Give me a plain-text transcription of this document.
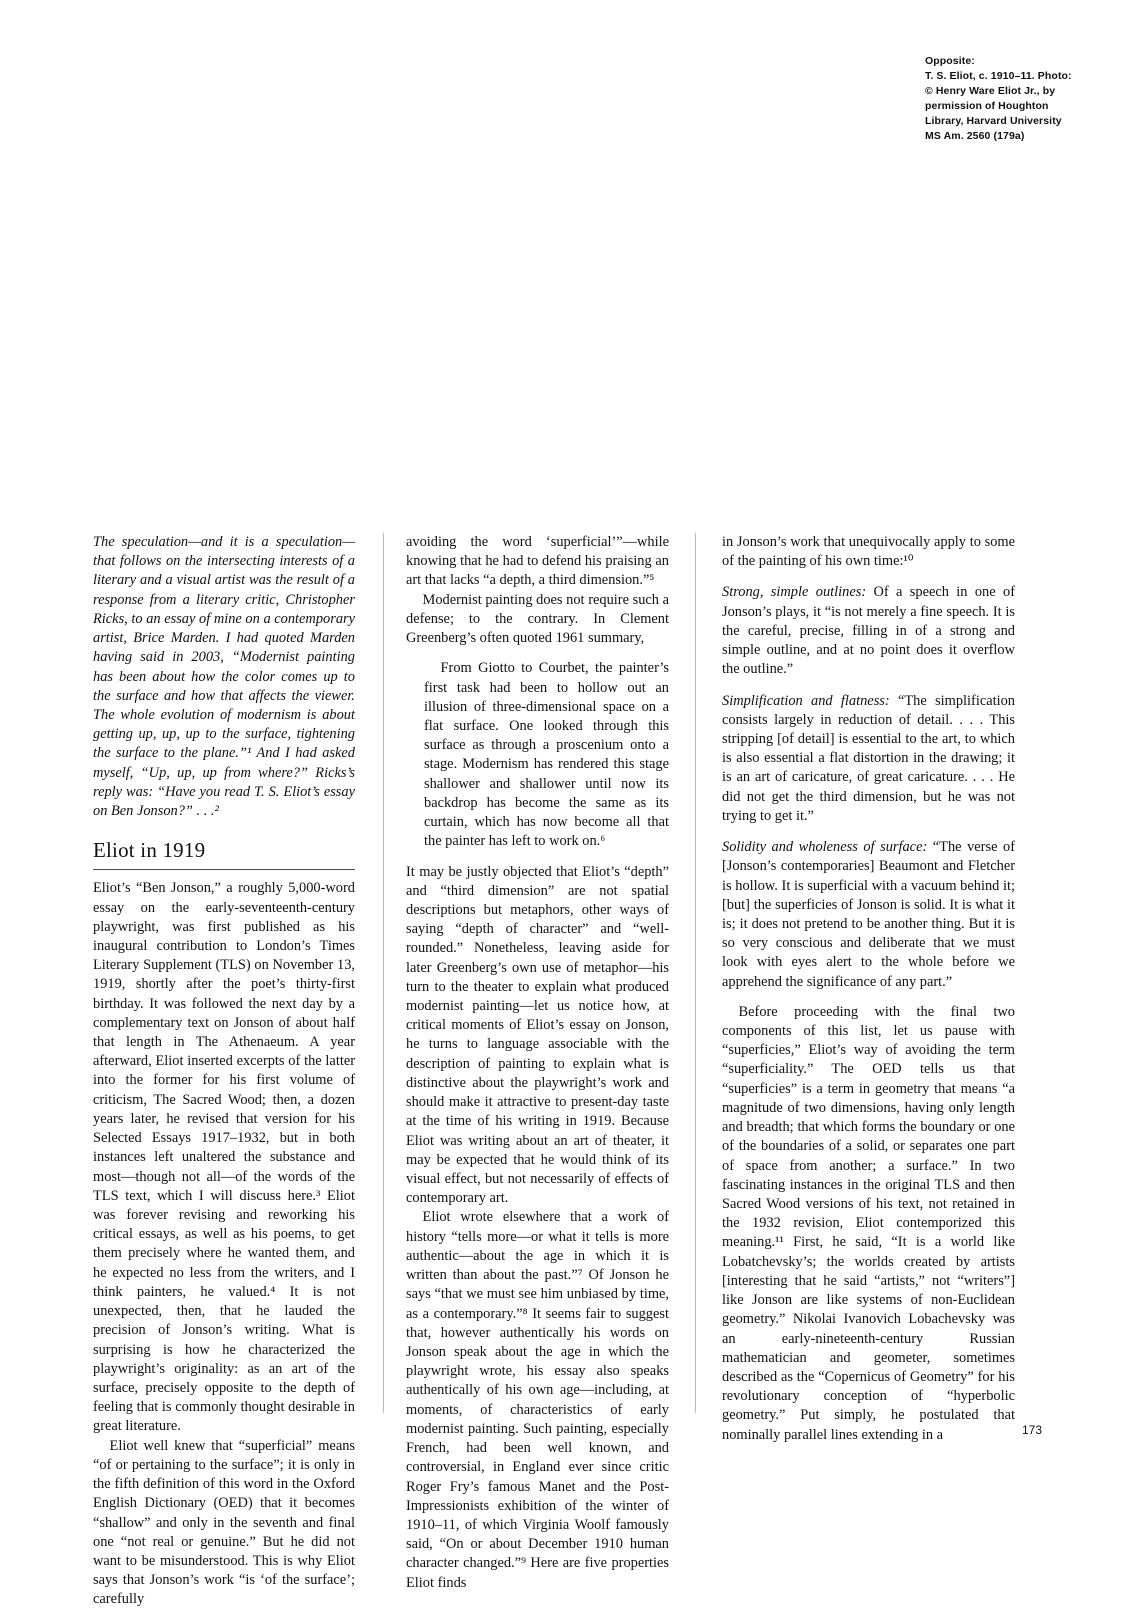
Opposite:
T. S. Eliot, c. 1910–11. Photo:
© Henry Ware Eliot Jr., by
permission of Houghton
Library, Harvard University
MS Am. 2560 (179a)

The speculation—and it is a speculation—that follows on the intersecting interests of a literary and a visual artist was the result of a response from a literary critic, Christopher Ricks, to an essay of mine on a contemporary artist, Brice Marden. I had quoted Marden having said in 2003, “Modernist painting has been about how the color comes up to the surface and how that affects the viewer. The whole evolution of modernism is about getting up, up, up to the surface, tightening the surface to the plane.”¹ And I had asked myself, “Up, up, up from where?” Ricks’s reply was: “Have you read T. S. Eliot’s essay on Ben Jonson?” . . .²

Eliot in 1919

Eliot’s “Ben Jonson,” a roughly 5,000-word essay on the early-seventeenth-century playwright, was first published as his inaugural contribution to London’s Times Literary Supplement (TLS) on November 13, 1919, shortly after the poet’s thirty-first birthday. It was followed the next day by a complementary text on Jonson of about half that length in The Athenaeum. A year afterward, Eliot inserted excerpts of the latter into the former for his first volume of criticism, The Sacred Wood; then, a dozen years later, he revised that version for his Selected Essays 1917–1932, but in both instances left unaltered the substance and most—though not all—of the words of the TLS text, which I will discuss here.³ Eliot was forever revising and reworking his critical essays, as well as his poems, to get them precisely where he wanted them, and he expected no less from the writers, and I think painters, he valued.⁴ It is not unexpected, then, that he lauded the precision of Jonson’s writing. What is surprising is how he characterized the playwright’s originality: as an art of the surface, precisely opposite to the depth of feeling that is commonly thought desirable in great literature.

Eliot well knew that “superficial” means “of or pertaining to the surface”; it is only in the fifth definition of this word in the Oxford English Dictionary (OED) that it becomes “shallow” and only in the seventh and final one “not real or genuine.” But he did not want to be misunderstood. This is why Eliot says that Jonson’s work “is ‘of the surface’; carefully

avoiding the word ‘superficial’”—while knowing that he had to defend his praising an art that lacks “a depth, a third dimension.”⁵

Modernist painting does not require such a defense; to the contrary. In Clement Greenberg’s often quoted 1961 summary,

From Giotto to Courbet, the painter’s first task had been to hollow out an illusion of three-dimensional space on a flat surface. One looked through this surface as through a proscenium onto a stage. Modernism has rendered this stage shallower and shallower until now its backdrop has become the same as its curtain, which has now become all that the painter has left to work on.⁶

It may be justly objected that Eliot’s “depth” and “third dimension” are not spatial descriptions but metaphors, other ways of saying “depth of character” and “well-rounded.” Nonetheless, leaving aside for later Greenberg’s own use of metaphor—his turn to the theater to explain what produced modernist painting—let us notice how, at critical moments of Eliot’s essay on Jonson, he turns to language associable with the description of painting to explain what is distinctive about the playwright’s work and should make it attractive to present-day taste at the time of his writing in 1919. Because Eliot was writing about an art of theater, it may be expected that he would think of its visual effect, but not necessarily of effects of contemporary art.

Eliot wrote elsewhere that a work of history “tells more—or what it tells is more authentic—about the age in which it is written than about the past.”⁷ Of Jonson he says “that we must see him unbiased by time, as a contemporary.”⁸ It seems fair to suggest that, however authentically his words on Jonson speak about the age in which the playwright wrote, his essay also speaks authentically of his own age—including, at moments, of characteristics of early modernist painting. Such painting, especially French, had been well known, and controversial, in England ever since critic Roger Fry’s famous Manet and the Post-Impressionists exhibition of the winter of 1910–11, of which Virginia Woolf famously said, “On or about December 1910 human character changed.”⁹ Here are five properties Eliot finds

in Jonson’s work that unequivocally apply to some of the painting of his own time:¹⁰

Strong, simple outlines: Of a speech in one of Jonson’s plays, it “is not merely a fine speech. It is the careful, precise, filling in of a strong and simple outline, and at no point does it overflow the outline.”

Simplification and flatness: “The simplification consists largely in reduction of detail. . . . This stripping [of detail] is essential to the art, to which is also essential a flat distortion in the drawing; it is an art of caricature, of great caricature. . . . He did not get the third dimension, but he was not trying to get it.”

Solidity and wholeness of surface: “The verse of [Jonson’s contemporaries] Beaumont and Fletcher is hollow. It is superficial with a vacuum behind it; [but] the superficies of Jonson is solid. It is what it is; it does not pretend to be another thing. But it is so very conscious and deliberate that we must look with eyes alert to the whole before we apprehend the significance of any part.”

Before proceeding with the final two components of this list, let us pause with “superficies,” Eliot’s way of avoiding the term “superficiality.” The OED tells us that “superficies” is a term in geometry that means “a magnitude of two dimensions, having only length and breadth; that which forms the boundary or one of the boundaries of a solid, or separates one part of space from another; a surface.” In two fascinating instances in the original TLS and then Sacred Wood versions of his text, not retained in the 1932 revision, Eliot contemporized this meaning.¹¹ First, he said, “It is a world like Lobatchevsky’s; the worlds created by artists [interesting that he said “artists,” not “writers”] like Jonson are like systems of non-Euclidean geometry.” Nikolai Ivanovich Lobachevsky was an early-nineteenth-century Russian mathematician and geometer, sometimes described as the “Copernicus of Geometry” for his revolutionary conception of “hyperbolic geometry.” Put simply, he postulated that nominally parallel lines extending in a	173
